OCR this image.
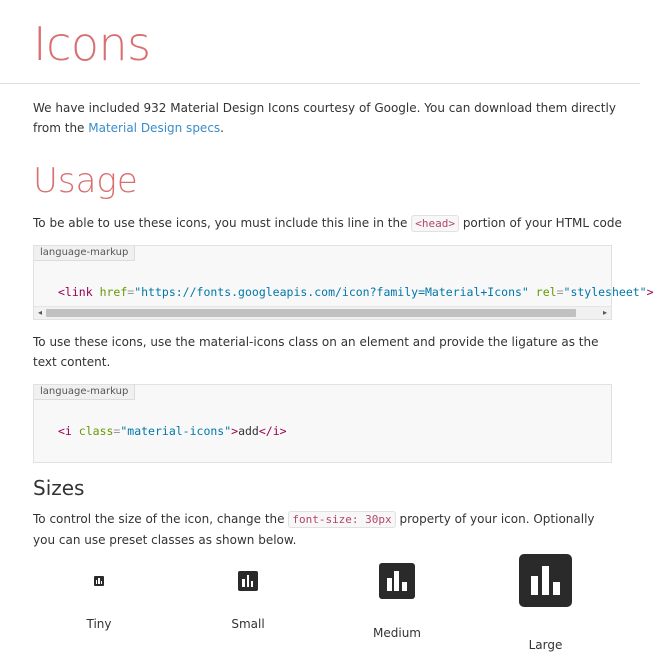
Icons

We have included 932 Material Design Icons courtesy of Google. You can download them directly from the Material Design specs.

Usage

To be able to use these icons, you must include this line in the <head> portion of your HTML code

language-markup
<link href="https://fonts.googleapis.com/icon?family=Material+Icons" rel="stylesheet">
◂	▸

To use these icons, use the material-icons class on an element and provide the ligature as the text content.

language-markup
<i class="material-icons">add</i>
Sizes

To control the size of the icon, change the font-size: 30px property of your icon. Optionally you can use preset classes as shown below.

Tiny	Small
Medium
Large
